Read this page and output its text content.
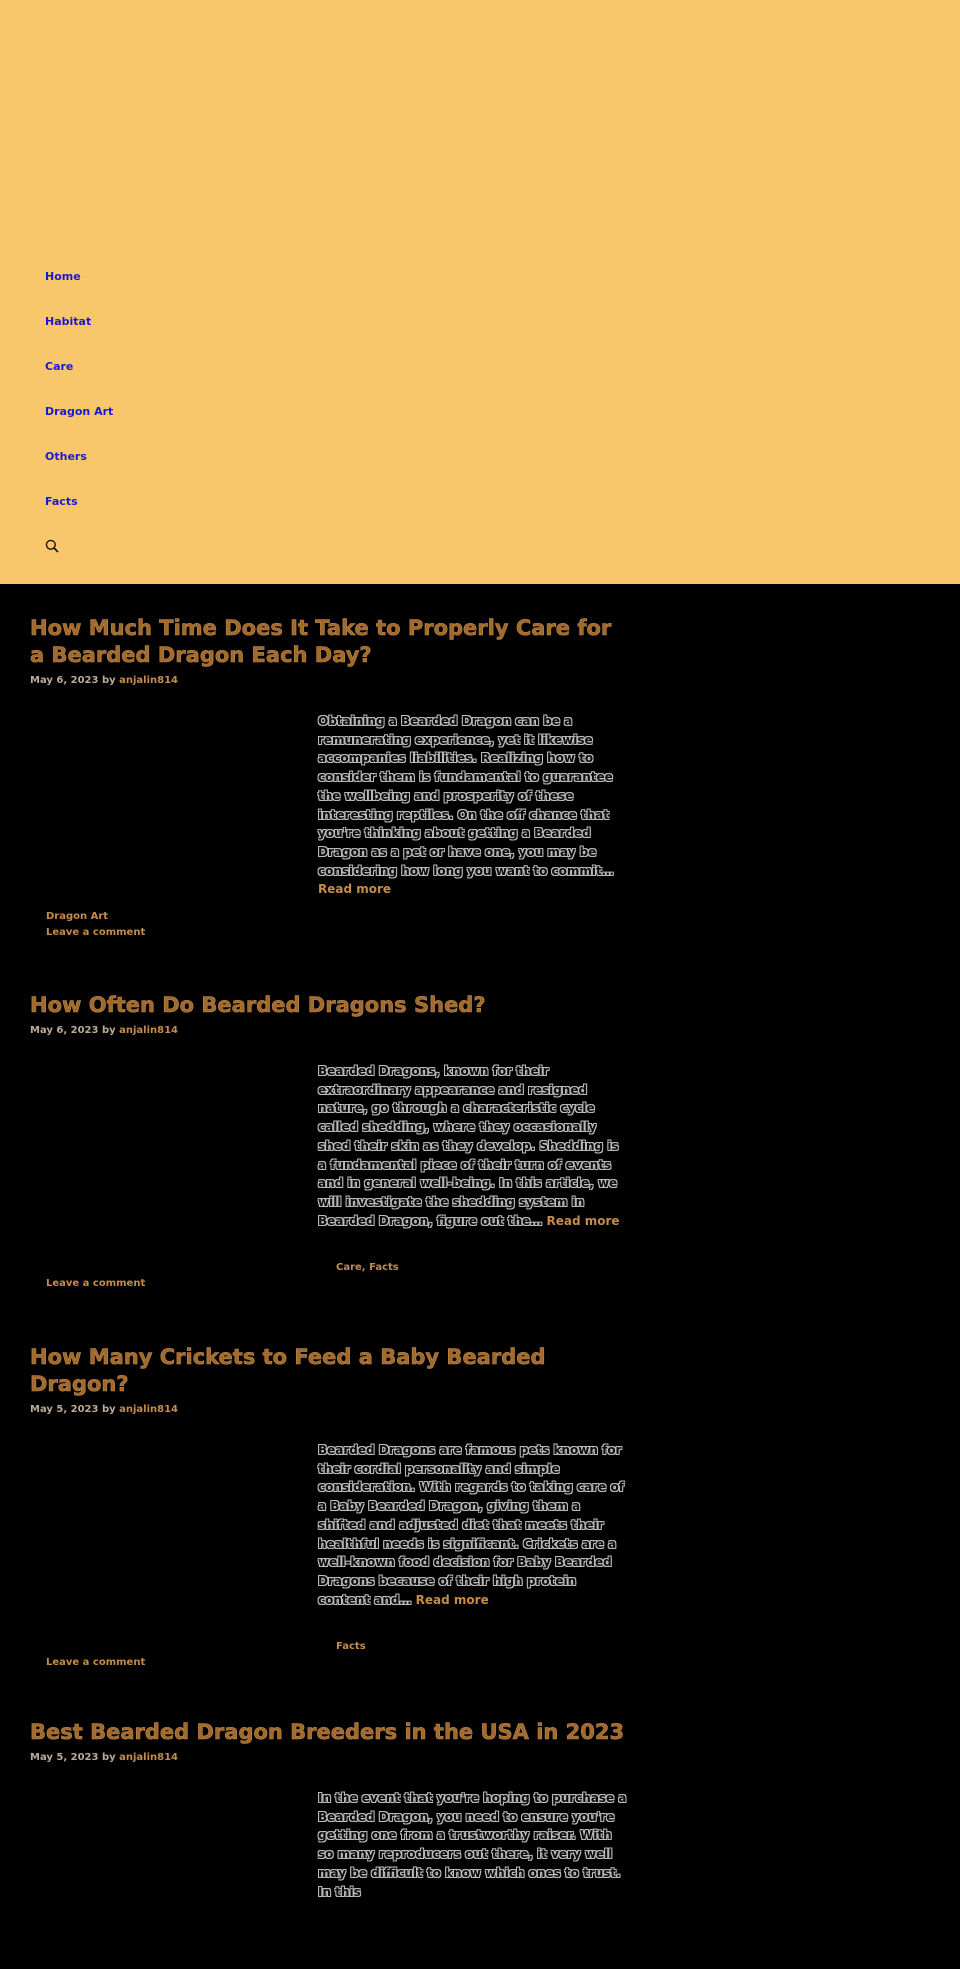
Home
Habitat
Care
Dragon Art
Others
Facts
How Much Time Does It Take to Properly Care for a Bearded Dragon Each Day?
May 6, 2023 by anjalin814
Obtaining a Bearded Dragon can be a remunerating experience, yet it likewise accompanies liabilities. Realizing how to consider them is fundamental to guarantee the wellbeing and prosperity of these interesting reptiles. On the off chance that you're thinking about getting a Bearded Dragon as a pet or have one, you may be considering how long you want to commit… Read more
Dragon Art
Leave a comment
How Often Do Bearded Dragons Shed?
May 6, 2023 by anjalin814
Bearded Dragons, known for their extraordinary appearance and resigned nature, go through a characteristic cycle called shedding, where they occasionally shed their skin as they develop. Shedding is a fundamental piece of their turn of events and in general well-being. In this article, we will investigate the shedding system in Bearded Dragon, figure out the… Read more
Care, Facts
Leave a comment
How Many Crickets to Feed a Baby Bearded Dragon?
May 5, 2023 by anjalin814
Bearded Dragons are famous pets known for their cordial personality and simple consideration. With regards to taking care of a Baby Bearded Dragon, giving them a shifted and adjusted diet that meets their healthful needs is significant. Crickets are a well-known food decision for Baby Bearded Dragons because of their high protein content and… Read more
Facts
Leave a comment
Best Bearded Dragon Breeders in the USA in 2023
May 5, 2023 by anjalin814
In the event that you're hoping to purchase a Bearded Dragon, you need to ensure you're getting one from a trustworthy raiser. With so many reproducers out there, it very well may be difficult to know which ones to trust. In this
